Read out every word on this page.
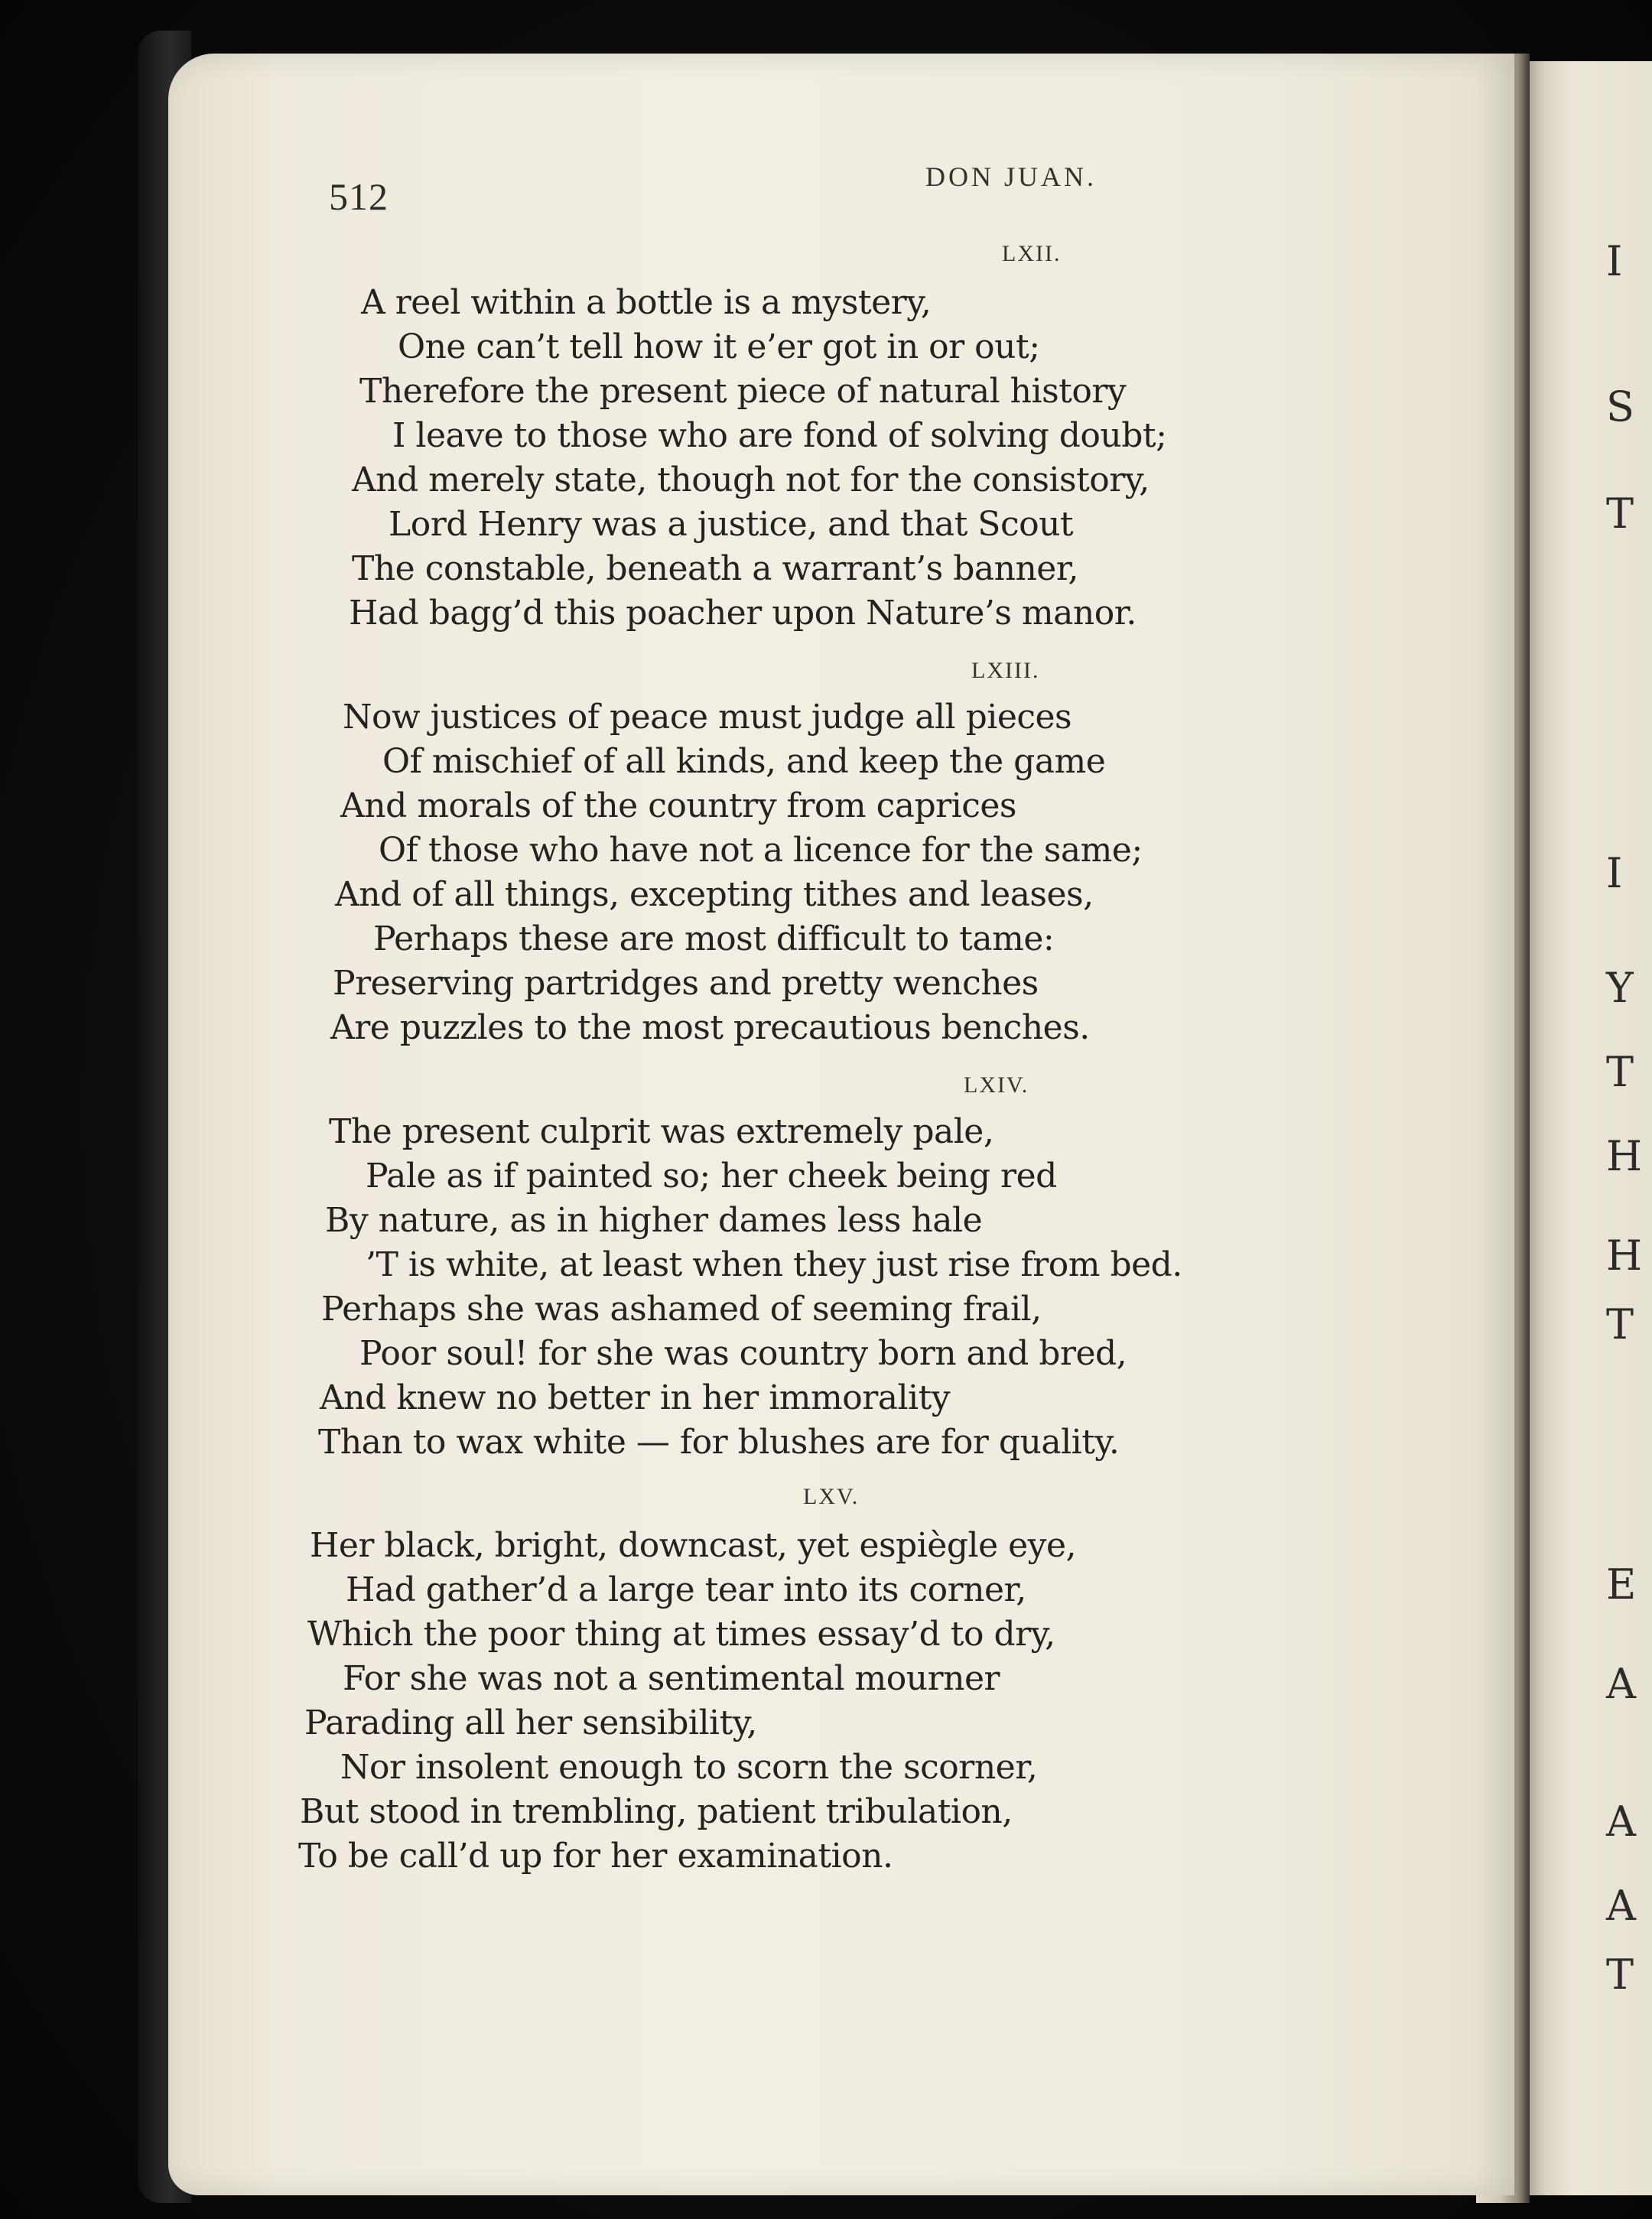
I
S
T
I
Y
T
H
H
T
E
A
A
A
T
512	DON JUAN.
LXII.
A reel within a bottle is a mystery,
One can’t tell how it e’er got in or out;
Therefore the present piece of natural history
I leave to those who are fond of solving doubt;
And merely state, though not for the consistory,
Lord Henry was a justice, and that Scout
The constable, beneath a warrant’s banner,
Had bagg’d this poacher upon Nature’s manor.
LXIII.
Now justices of peace must judge all pieces
Of mischief of all kinds, and keep the game
And morals of the country from caprices
Of those who have not a licence for the same;
And of all things, excepting tithes and leases,
Perhaps these are most difficult to tame:
Preserving partridges and pretty wenches
Are puzzles to the most precautious benches.
LXIV.
The present culprit was extremely pale,
Pale as if painted so; her cheek being red
By nature, as in higher dames less hale
’T is white, at least when they just rise from bed.
Perhaps she was ashamed of seeming frail,
Poor soul! for she was country born and bred,
And knew no better in her immorality
Than to wax white — for blushes are for quality.
LXV.
Her black, bright, downcast, yet espiègle eye,
Had gather’d a large tear into its corner,
Which the poor thing at times essay’d to dry,
For she was not a sentimental mourner
Parading all her sensibility,
Nor insolent enough to scorn the scorner,
But stood in trembling, patient tribulation,
To be call’d up for her examination.
